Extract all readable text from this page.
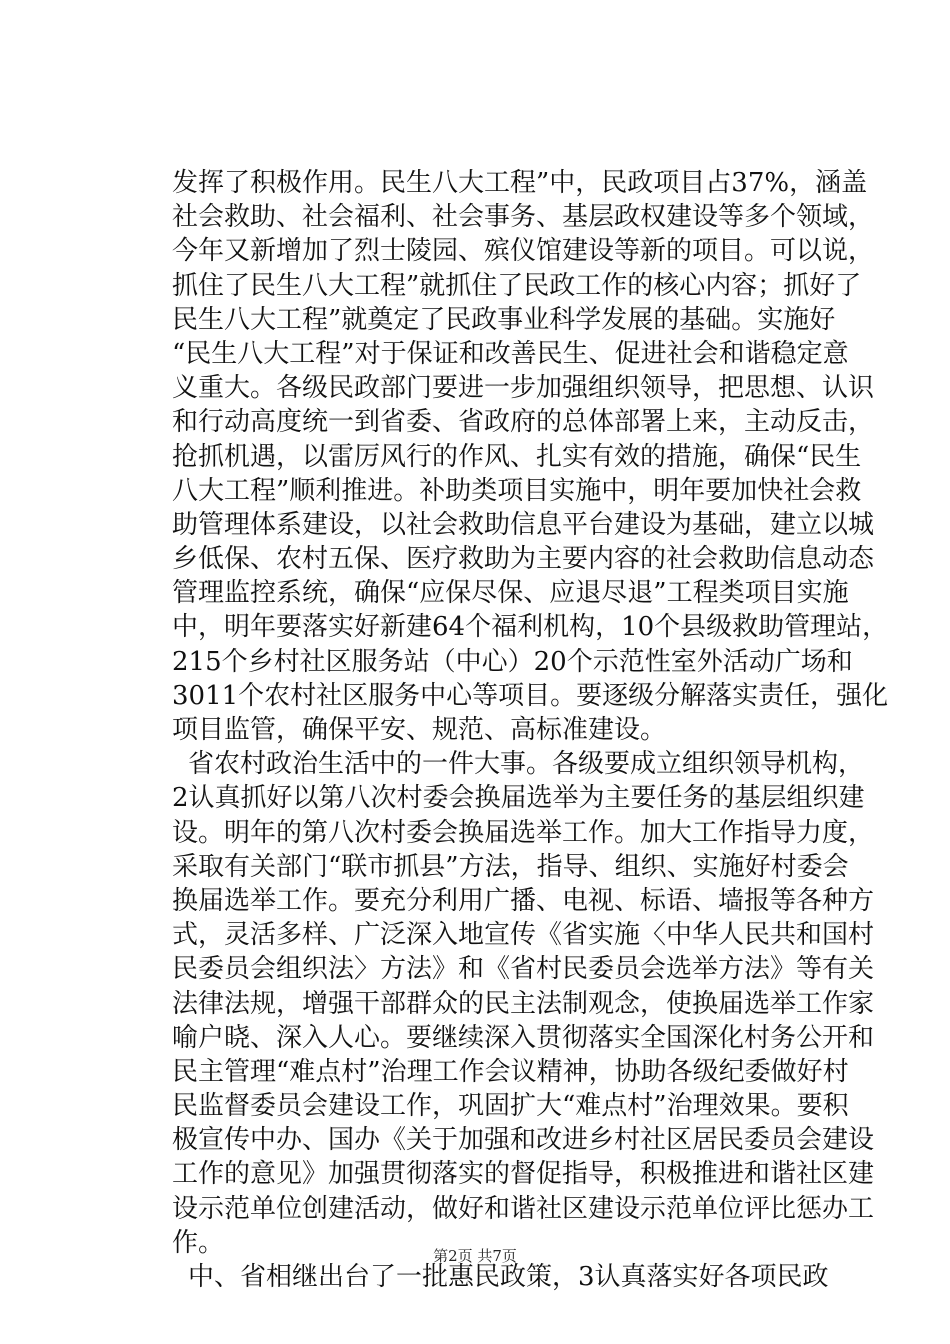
发挥了积极作用。民生八大工程”中，民政项目占37%，涵盖
社会救助、社会福利、社会事务、基层政权建设等多个领域，
今年又新增加了烈士陵园、殡仪馆建设等新的项目。可以说，
抓住了民生八大工程”就抓住了民政工作的核心内容；抓好了
民生八大工程”就奠定了民政事业科学发展的基础。实施好
“民生八大工程”对于保证和改善民生、促进社会和谐稳定意
义重大。各级民政部门要进一步加强组织领导，把思想、认识
和行动高度统一到省委、省政府的总体部署上来，主动反击，
抢抓机遇，以雷厉风行的作风、扎实有效的措施，确保“民生
八大工程”顺利推进。补助类项目实施中，明年要加快社会救
助管理体系建设，以社会救助信息平台建设为基础，建立以城
乡低保、农村五保、医疗救助为主要内容的社会救助信息动态
管理监控系统，确保“应保尽保、应退尽退”工程类项目实施
中，明年要落实好新建64个福利机构，10个县级救助管理站，
215个乡村社区服务站（中心）20个示范性室外活动广场和
3011个农村社区服务中心等项目。要逐级分解落实责任，强化
项目监管，确保平安、规范、高标准建设。
省农村政治生活中的一件大事。各级要成立组织领导机构，
2认真抓好以第八次村委会换届选举为主要任务的基层组织建
设。明年的第八次村委会换届选举工作。加大工作指导力度，
采取有关部门“联市抓县”方法，指导、组织、实施好村委会
换届选举工作。要充分利用广播、电视、标语、墙报等各种方
式，灵活多样、广泛深入地宣传《省实施〈中华人民共和国村
民委员会组织法〉方法》和《省村民委员会选举方法》等有关
法律法规，增强干部群众的民主法制观念，使换届选举工作家
喻户晓、深入人心。要继续深入贯彻落实全国深化村务公开和
民主管理“难点村”治理工作会议精神，协助各级纪委做好村
民监督委员会建设工作，巩固扩大“难点村”治理效果。要积
极宣传中办、国办《关于加强和改进乡村社区居民委员会建设
工作的意见》加强贯彻落实的督促指导，积极推进和谐社区建
设示范单位创建活动，做好和谐社区建设示范单位评比惩办工
作。
中、省相继出台了一批惠民政策，3认真落实好各项民政
第2页 共7页
